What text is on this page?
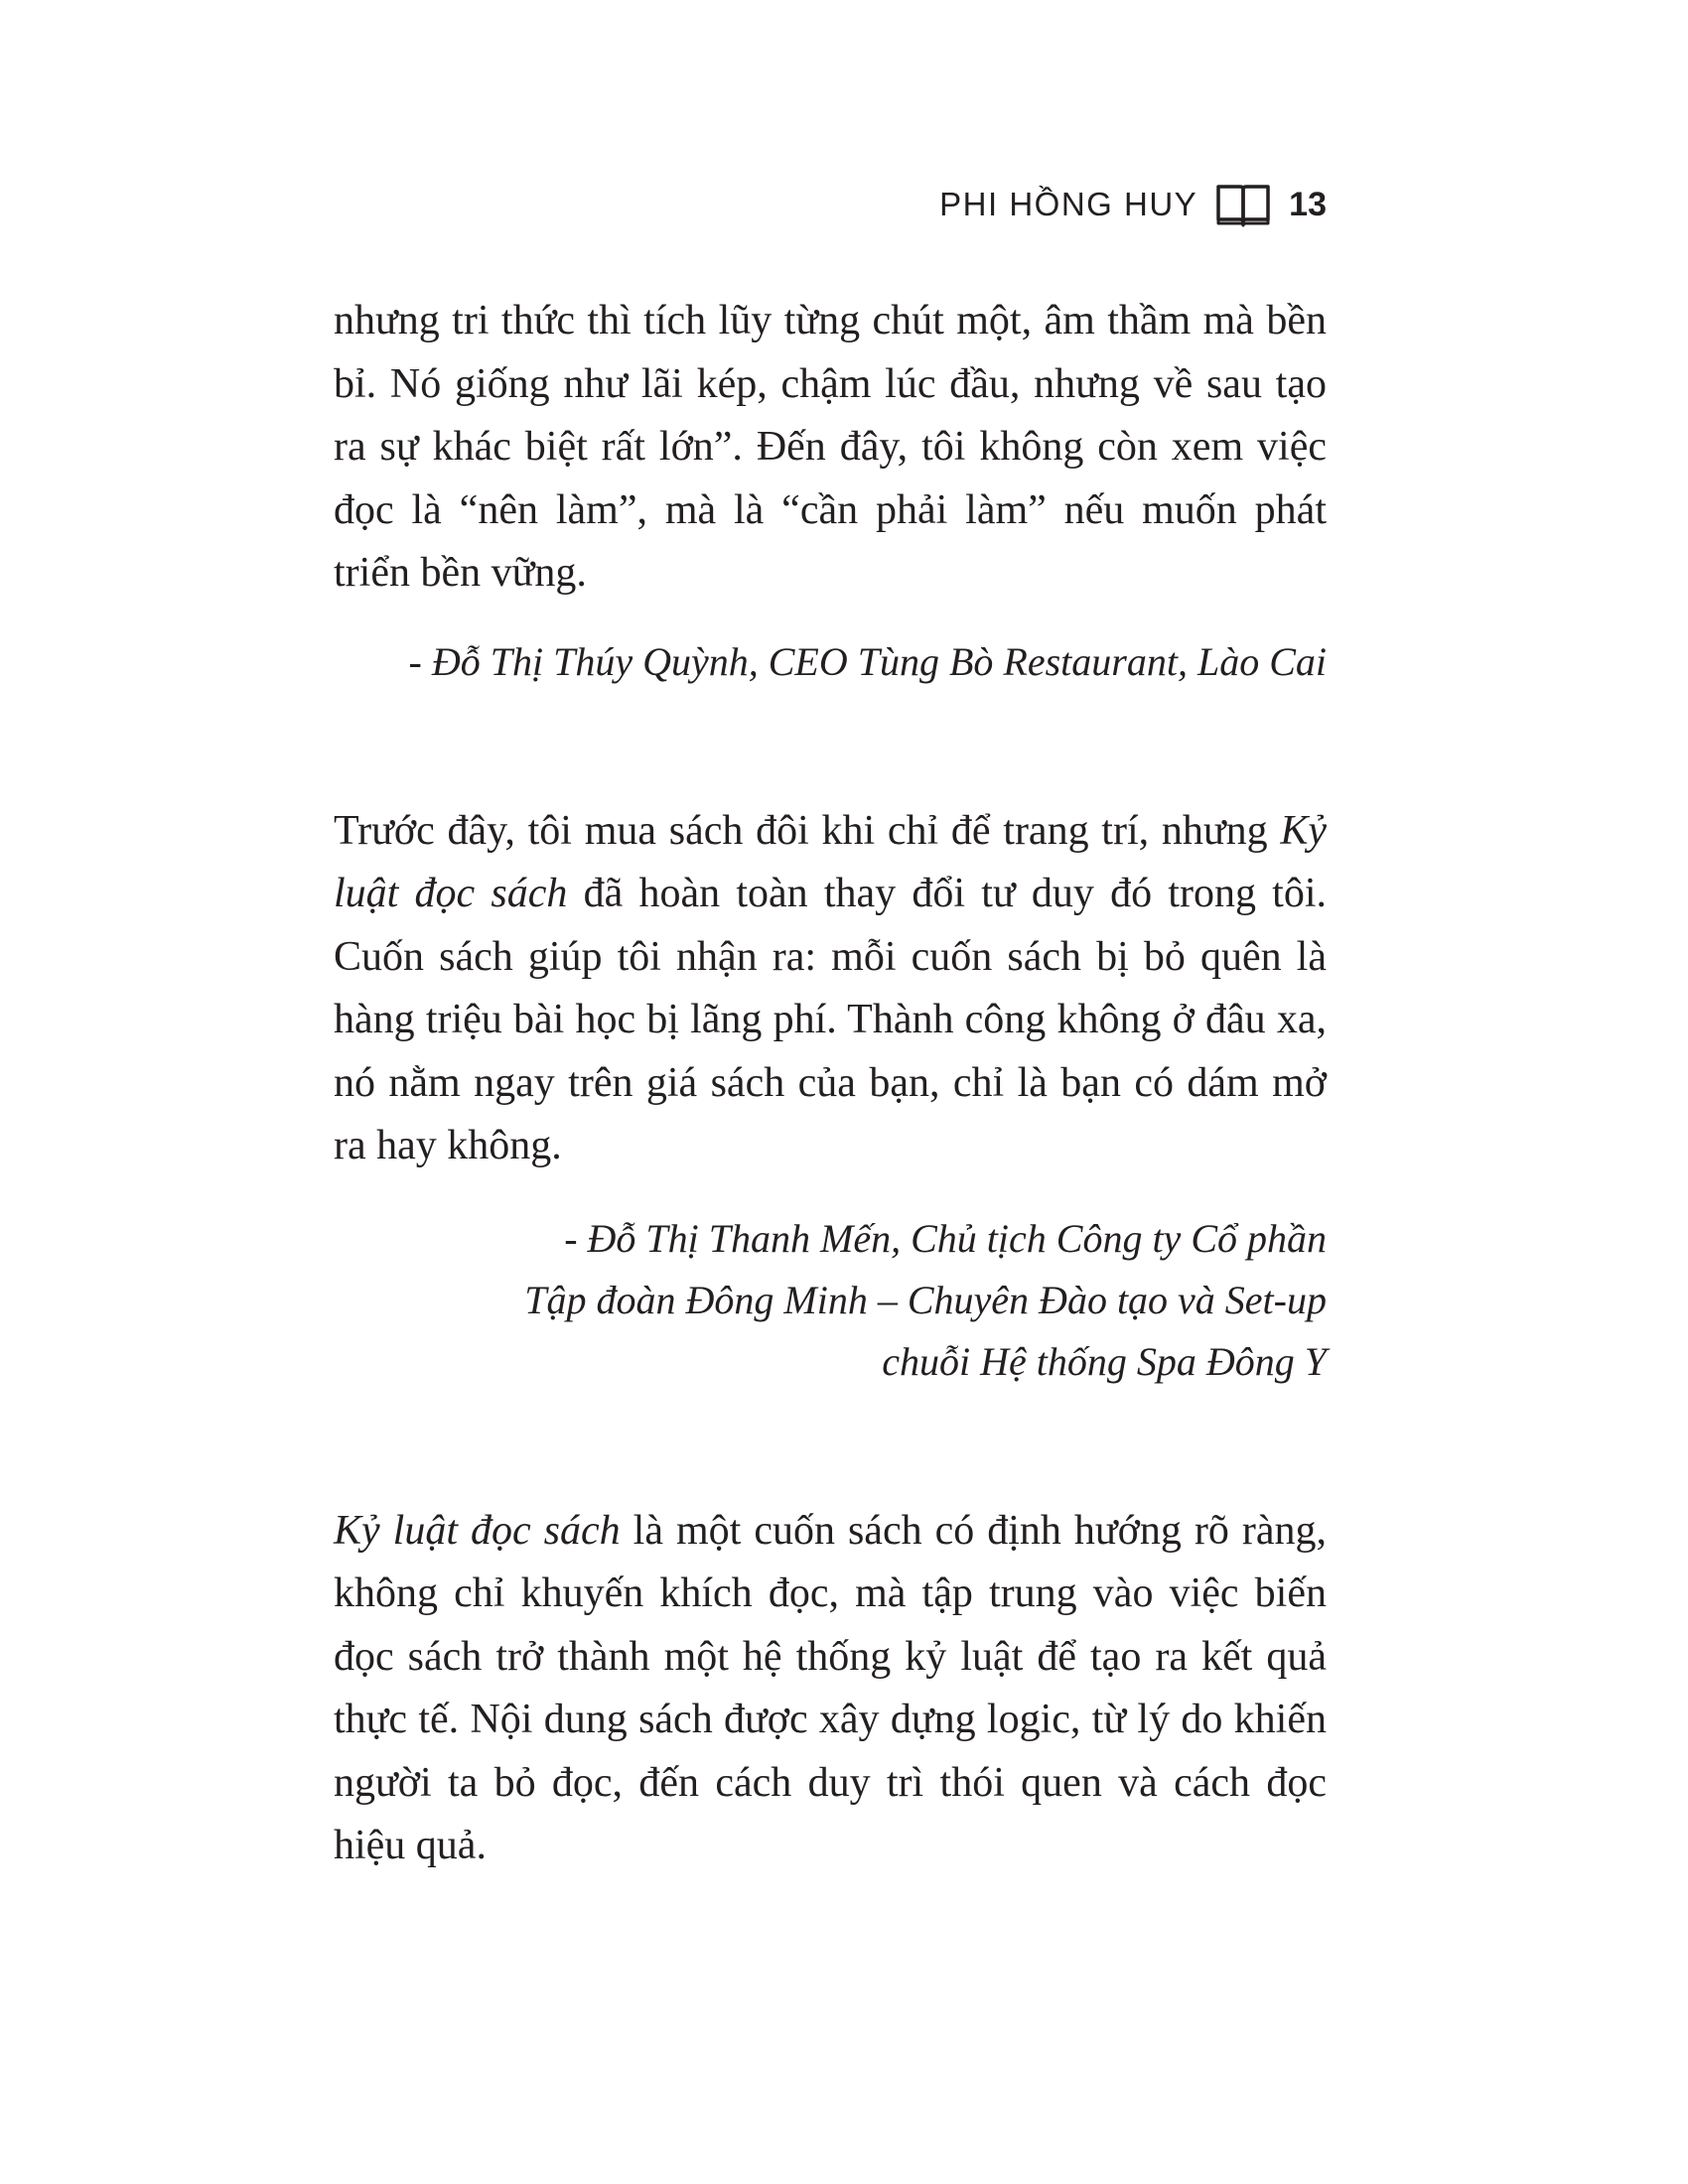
PHI HỒNG HUY	13

nhưng tri thức thì tích lũy từng chút một, âm thầm mà bền bỉ. Nó giống như lãi kép, chậm lúc đầu, nhưng về sau tạo ra sự khác biệt rất lớn”. Đến đây, tôi không còn xem việc đọc là “nên làm”, mà là “cần phải làm” nếu muốn phát triển bền vững.

- Đỗ Thị Thúy Quỳnh, CEO Tùng Bò Restaurant, Lào Cai

Trước đây, tôi mua sách đôi khi chỉ để trang trí, nhưng Kỷ luật đọc sách đã hoàn toàn thay đổi tư duy đó trong tôi. Cuốn sách giúp tôi nhận ra: mỗi cuốn sách bị bỏ quên là hàng triệu bài học bị lãng phí. Thành công không ở đâu xa, nó nằm ngay trên giá sách của bạn, chỉ là bạn có dám mở ra hay không.

- Đỗ Thị Thanh Mến, Chủ tịch Công ty Cổ phần
Tập đoàn Đông Minh – Chuyên Đào tạo và Set-up
chuỗi Hệ thống Spa Đông Y

Kỷ luật đọc sách là một cuốn sách có định hướng rõ ràng, không chỉ khuyến khích đọc, mà tập trung vào việc biến đọc sách trở thành một hệ thống kỷ luật để tạo ra kết quả thực tế. Nội dung sách được xây dựng logic, từ lý do khiến người ta bỏ đọc, đến cách duy trì thói quen và cách đọc hiệu quả.
